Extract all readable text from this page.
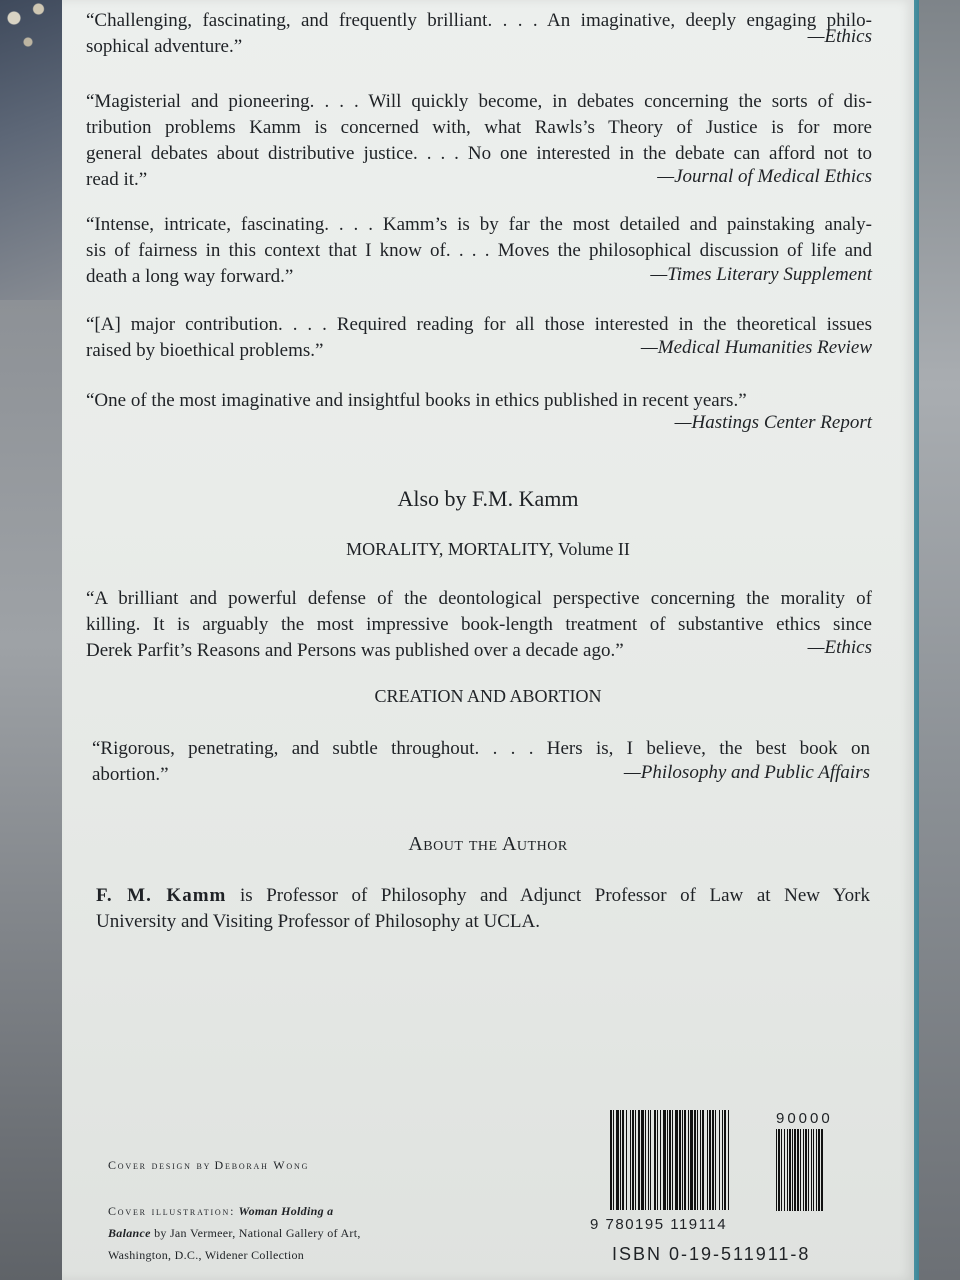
“Challenging, fascinating, and frequently brilliant. . . . An imaginative, deeply engaging philo-
sophical adventure.”	—Ethics
“Magisterial and pioneering. . . . Will quickly become, in debates concerning the sorts of dis-
tribution problems Kamm is concerned with, what Rawls’s Theory of Justice is for more
general debates about distributive justice. . . . No one interested in the debate can afford not to
read it.”	—Journal of Medical Ethics
“Intense, intricate, fascinating. . . . Kamm’s is by far the most detailed and painstaking analy-
sis of fairness in this context that I know of. . . . Moves the philosophical discussion of life and
death a long way forward.”	—Times Literary Supplement
“[A] major contribution. . . . Required reading for all those interested in the theoretical issues
raised by bioethical problems.”	—Medical Humanities Review
“One of the most imaginative and insightful books in ethics published in recent years.”
—Hastings Center Report
Also by F.M. Kamm
MORALITY, MORTALITY, Volume II
“A brilliant and powerful defense of the deontological perspective concerning the morality of
killing. It is arguably the most impressive book-length treatment of substantive ethics since
Derek Parfit’s Reasons and Persons was published over a decade ago.”	—Ethics
CREATION AND ABORTION
“Rigorous, penetrating, and subtle throughout. . . . Hers is, I believe, the best book on
abortion.”	—Philosophy and Public Affairs
About the Author
F. M. Kamm is Professor of Philosophy and Adjunct Professor of Law at New York
University and Visiting Professor of Philosophy at UCLA.
Cover design by Deborah Wong
Cover illustration: Woman Holding a
Balance by Jan Vermeer, National Gallery of Art,
Washington, D.C., Widener Collection
90000
9 780195 119114
ISBN 0-19-511911-8
